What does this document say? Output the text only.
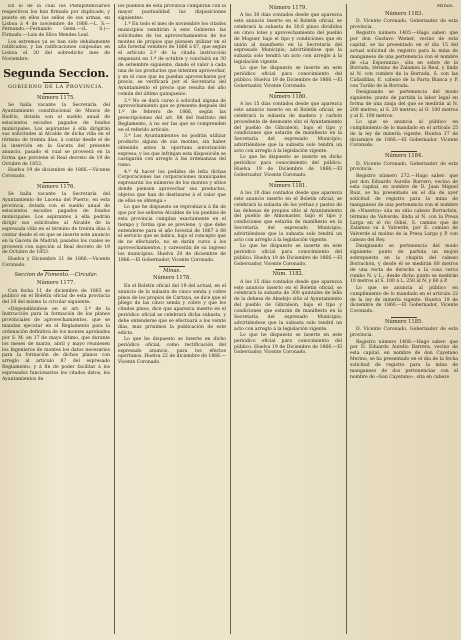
En lo de la cual los Plenipotenciarios respectivos los han firmado por duplicado, y puesto en ellos los sellos de sus armas, en Lisboa á 4 de noviembre de 1866.—L. S.—Fernando.—Fernando Gemi.—(L. S.)—Firmado.—Luis de Silva Mendes Leal.

Los extremos ya se han sido debidamente ratificados, y las ratificaciones canjeadas en Lisboa el 20 del sobredicho mes de Noviembre.

Segunda Seccion.
GOBIERNO DE LA PROVINCIA.
Número 1175.

Se halla vacante la Secretaría del Ayuntamiento constitucional de Mozos de Riofrío, dotada con el sueldo anual de seiscientos escudos pagados de fondos municipales. Los aspirantes á ella dirigirán sus solicitudes al Alcalde de dicha villa en el término de treinta días, á contar desde el de la inserción en la Gaceta del presente anuncio, pasado el cual se proveerá en la forma que previene el Real decreto de 19 de Octubre de 1853.

Huelva 19 de diciembre de 1866.—Vicente Coronado.

Número 1176.

Se halla vacante la Secretaría del Ayuntamiento de Lucena del Puerto, en esta provincia, dotada con el sueldo anual de seiscientos escudos pagados de fondos municipales. Los aspirantes á ella podrán dirigir sus solicitudes al Alcalde de la espresada villa en el término de treinta días á contar desde el en que se inserte este anuncio en la Gaceta de Madrid; pasados los cuales se proveerá con sujeción al Real decreto de 19 de Octubre de 1853.

Huelva y Diciembre 21 de 1866.—Vicente Coronado.

Seccion de Fomento.—Circular.
Número 1177.

Con fecha 11 de diciembre de 1865 se publicó en el Boletín oficial de esta provincia del 18 del mismo la circular siguiente:

«Dispondiéndose en el art. 3.º de la Instrucción para la formación de los planos provinciales de aprovechamientos, que se mandan ejecutar en el Reglamento para la ordenación definitiva de los montes aprobados por S. M. en 17 de mayo último, que durante los meses de marzo, abril y mayo reuniesen los Ingenieros de montes los datos necesarios para la formación de dichos planos con arreglo al artículo 87 del espresado Reglamento, y á fin de poder facilitar á los espresados funcionarios los citados datos, los Ayuntamientos de

los pueblos de esta provincia cumplirán con la mayor puntualidad las disposiciones siguientes:

1.ª En todo el mes de noviembre los citados municipios remitirán á este Gobierno las solicitudes de los aprovechamientos de los montes de propios que piensen utilizar en el año forestal venidero de 1866 á 67, que según el artículo 2.º de la citada instrucción empezará en 1.º de octubre y concluirá en 30 de setiembre siguiente, dando el valor á cada una de los productos que intenten aprovechar, y en el caso que no puedan aprovecharse por precio, se verificará por el Secretario del Ayuntamiento el precio que resulta del año común del último quinquenio.

2.ª No se dará curso á solicitud alguna de aprovechamiento que se presente después del 1.º de febrero de 1866, según las prescripciones del art. 88 del Instituto del Reglamento, á no ser las que se comprenden en el referido artículo.

3.ª Los Ayuntamientos no podrán utilizar producto alguno de sus montes, sin haber obtenido antes la oportuna autorización expresa; y los que infrinjan esta disposición se castigarán con arreglo á las ordenanzas del ramo.

4.ª Al hacer los pedidos de leña dichas Corporaciones las corporaciones municipales espresarán los números de los montes y sitios donde piensen aprovechar sus productos, objetos que han de destinarse á el valor que de ellos se obtenga.»

Lo que he dispuesto se reproduzca á fin de que por los señores Alcaldes de los pueblos de esta provincia cumplan exactamente en el tiempo y forma que se previene, y que debe entenderse para el año forestal de 1867 á 68 el servicio que se indica, bajo el concepto que de no efectuarlo, no se darán curso á los aprovechamientos, y carecerán de su ingreso los municipios. Huelva 20 de diciembre de 1866.—El Gobernador, Vicente Coronado.

Minas.
Número 1178.

En el Boletín oficial del 19 del actual, en el anuncio de la subasta de cinco senda y cobre pinos de los propios de Cartaya, se dice que el pliego de las cinco senda y cobre y que los citados pinos, dice que aparezca inserto en el periódico oficial se celebrará dicha subasta, y debe entenderse que se efectuará a los veinte días, más próximos la publicación de este edicto.

Lo que he dispuesto se inserte en dicho periódico oficial, como rectificación del espresado anuncio, para los efectos oportunos. Huelva 22 de diciembre de 1866.—Vicente Coronado.

Número 1179.

A los 30 días contados desde que aparezca este anuncio inserto en el Boletín oficial, se celebrará la subasta de 30,6 pinos divididos en cinco lotes y aprovechamiento del pueblo de Moguer, bajo el tipo y condiciones que en unión al manifiesto en la Secretaría del espresado Municipio; advirtiéndose que la subasta solo tendrá un acto con arreglo á la legislación vigente.

Lo que he dispuesto se inserte en este periódico oficial para conocimiento del público. Huelva 19 de Diciembre de 1866.—El Gobernador, Vicente Coronado.

Número 1180.

A los 15 días contados desde que aparezca este anuncio inserto en el Boletín oficial, se celebrará la subasta de madera y carbón procedente de desmonte sito el Ayuntamiento del pueblo de Gibraleón, bajo el tipo y condiciones que estarán de manifiesto en la Secretaría del espresado Municipio; advirtiéndose que la subasta solo tendrá un acto con arreglo á la legislación vigente.

Lo que he dispuesto se inserte en dicho periódico para conocimiento del público. Huelva 19 de Diciembre de 1866.—El Gobernador, Vicente Coronado.

Número 1181.

A los 10 días contados desde que aparezca este anuncio inserto en el Boletín oficial, se celebrará la subasta de los yerbas y pastos de las dehesas de propios sitio al Ayuntamiento del pueblo de Almonaster, bajo el tipo y condiciones que estarán de manifiesto en la Secretaría del espresado Municipio; advirtiéndose que la subasta solo tendrá un acto con arreglo á la legislación vigente.

Lo que he dispuesto se inserte en este periódico oficial para conocimiento del público. Huelva 19 de Diciembre de 1866.—El Gobernador, Vicente Coronado.

Núm. 1182.

A los 15 días contados desde que aparezca este anuncio inserto en el Boletín oficial, se celebrará la subasta de 300 quintales de leña de la dehesa de Abadejo sitio al Ayuntamiento del pueblo de Gibraleón, bajo el tipo y condiciones que estarán de manifiesto en la Secretaría del espresado Municipio; advirtiéndose que la subasta solo tendrá un acto con arreglo á la legislación vigente.

Lo que he dispuesto se inserte en este periódico oficial para conocimiento del público. Huelva 19 de Diciembre de 1866.—El Gobernador, Vicente Coronado.

Minas.
Número 1183.

D. Vicente Coronado, Gobernador de esta provincia.

Registro número 1405.—Hago saber: que por don Gustavo Wemer, vecino de esta capital, se ha presentado en el día 15 del actual solicitud de registro para la mina de manganeso de una pertenencia con el nombre de «La Esperanza», sita en sobre de la Borrada, término de Zalamea la Real, y linda al N. con cumbre de la Borrada, S. con las Cañadillas, E. cabezo de la Parra Blanca y P. con Turillo de la Borrada.

Designando se pertenencia del modo siguiente: punto de partida la labor legal en forma de una zanja del que se medirán al N. 200 metros; al S. 20 metros; al O. 100 metros y al E. 100 metros.

Lo que se anuncia al público en cumplimiento de lo mandado en el artículo 25 de la ley de minería vigente. Huelva 17 de diciembre de 1866.—El Gobernador, Vicente Coronado.

Número 1184.

D. Vicente Coronado, Gobernador de esta provincia.

Registro número 272.—Hago saber: que por don Eduardo Aurelio Barrero, vecino de esta capital, en nombre de D. Juan Miguel Ruiz, se ha presentado en el día de ayer solicitud de registro para la mina de manganeso de una pertenencia con el nombre de «Nuestra» sita en sitio cabezo Borrachón, término de Valverde, linda al N. con la Presa Larga en el río Odiel, S. camino que de Zalamea va á Valverde, por E. camino de Valverde al molino de la Presa Larga y P. con cabezo del Rey.

Designando se pertenencia del modo siguiente: punto de partida un mojón sobrepuesto en la chapita del cabezo Borrachón, y desde él se medirán 60 metros de una recta de derecho a la cosa cerca rumbo N. y L.; desde dicho punto se medirán 10 metros al S. 100 á L. 250 al N. y 60 á P.

Lo que se anuncia al público en cumplimiento de lo mandado en el artículo 22 de la ley de minería vigente. Huelva 19 de diciembre de 1866.—El Gobernador, Vicente Coronado.

Número 1185.

D. Vicente Coronado, Gobernador de esta provincia.

Registro número 1408.—Hago saber: que por D. Eduardo Aurelio Barrera, vecino de esta capital, en nombre de don Cayetano Merino, se ha presentado en el día de la fecha solicitud de registro para la mina de manganeso de dos pertenencias con el nombre de «San Cayetano», sita en cabezo
